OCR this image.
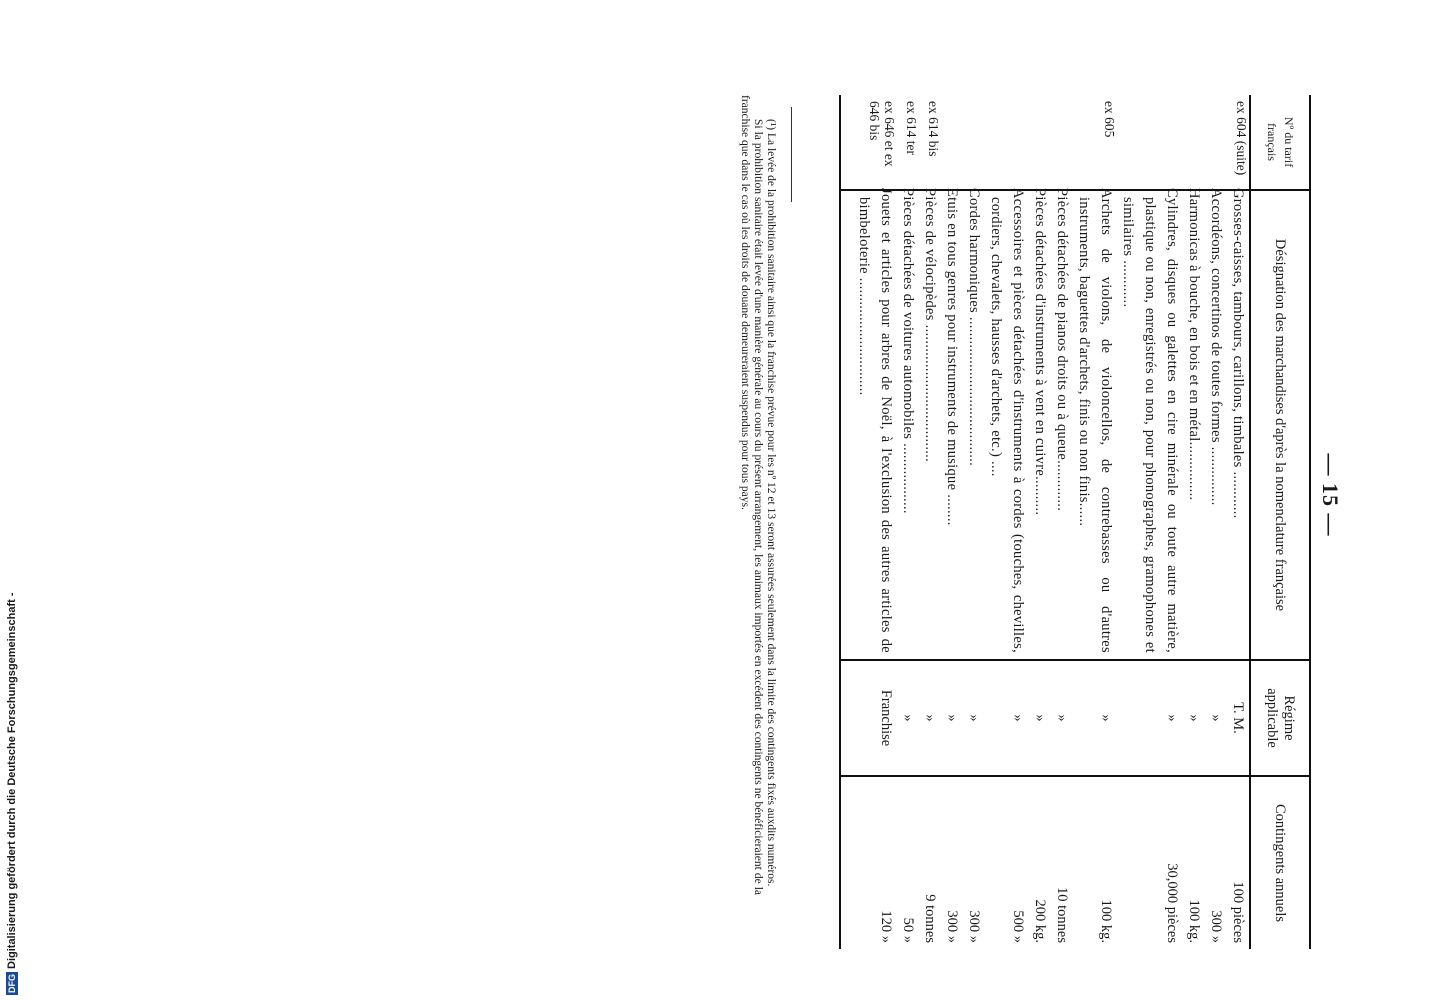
— 15 —
Nº du tarif français	Désignation des marchandises d'après la nomenclature française	Régime applicable	Contingents annuels
ex 604 (suite)	Grosses-caisses, tambours, carillons, timbales ............	T. M.	100 pièces
	Accordéons, concertinos de toutes formes ...............	»	300 »
	Harmonicas à bouche, en bois et en métal...............	»	100 kg.
	Cylindres, disques ou galettes en cire minérale ou toute autre matière, plastique ou non, enregistrés ou non, pour phonographes, gramophones et similaires ............	»	30,000 pièces
ex 605	Archets de violons, de violoncellos, de contrebasses ou d'autres instruments, baguettes d'archets, finis ou non finis......	»	100 kg.
	Pièces détachées de pianos droits ou à queue.............	»	10 tonnes
	Pièces détachées d'instruments à vent en cuivre..........	»	200 kg.
	Accessoires et pièces détachées d'instruments à cordes (touches, chevilles, cordiers, chevalets, hausses d'archets, etc.) ....	»	500 »
	Cordes harmoniques ......................................	»	300 »
	Etuis en tous genres pour instruments de musique ........	»	300 »
ex 614 bis	Pièces de vélocipèdes ...................................	»	9 tonnes
ex 614 ter	Pièces détachées de voitures automobiles ..................	»	50 »
ex 646 et ex 646 bis	Jouets et articles pour arbres de Noël, à l'exclusion des autres articles de bimbeloterie ..............................	Franchise	120 »

(¹) La levée de la prohibition sanitaire ainsi que la franchise prévue pour les nº 12 et 13 seront assurées seulement dans la limite des contingents fixés auxdits numéros.

Si la prohibition sanitaire était levée d'une manière générale au cours du présent arrangement, les animaux importés en excédent des contingents ne bénéficieraient de la franchise que dans le cas où les droits de douane demeureraient suspendus pour tous pays.

DFG
Digitalisierung gefördert durch die Deutsche Forschungsgemeinschaft -
